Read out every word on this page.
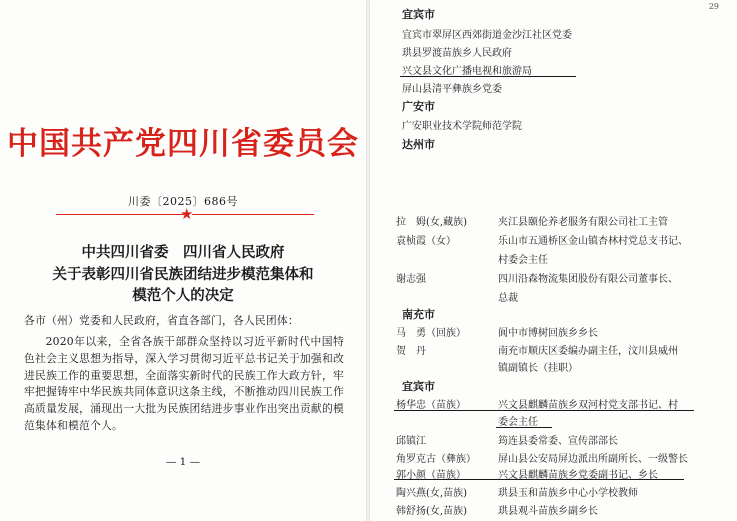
中国共产党四川省委员会
川委〔2025〕686号
★
中共四川省委　四川省人民政府
关于表彰四川省民族团结进步模范集体和
模范个人的决定
各市（州）党委和人民政府，省直各部门，各人民团体：
2020年以来，全省各族干部群众坚持以习近平新时代中国特色社会主义思想为指导，深入学习贯彻习近平总书记关于加强和改进民族工作的重要思想，全面落实新时代的民族工作大政方针，牢牢把握铸牢中华民族共同体意识这条主线，不断推动四川民族工作高质量发展，涌现出一大批为民族团结进步事业作出突出贡献的模范集体和模范个人。
— 1 —
29
宜宾市
宜宾市翠屏区西郊街道金沙江社区党委
珙县罗渡苗族乡人民政府
兴文县文化广播电视和旅游局
屏山县清平彝族乡党委
广安市
广安职业技术学院师范学院
达州市
拉　姆(女,藏族)	夹江县颐伦养老服务有限公司社工主管
袁桢霞（女）	乐山市五通桥区金山镇杏林村党总支书记、
村委会主任
谢志强	四川沿森物流集团股份有限公司董事长、
总裁
南充市
马　勇（回族）	阆中市博树回族乡乡长
贺　丹	南充市顺庆区委编办副主任，汶川县威州
镇副镇长（挂职）
宜宾市
杨华忠（苗族）	兴文县麒麟苗族乡双河村党支部书记、村
委会主任
邱镇江	筠连县委常委、宣传部部长
角罗克古（彝族） 屏山县公安局屏边派出所副所长、一级警长
郭小颜（苗族）	兴文县麒麟苗族乡党委副书记、乡长
陶兴燕(女,苗族)	珙县玉和苗族乡中心小学校教师
韩舒扬(女,苗族)	珙县观斗苗族乡副乡长
